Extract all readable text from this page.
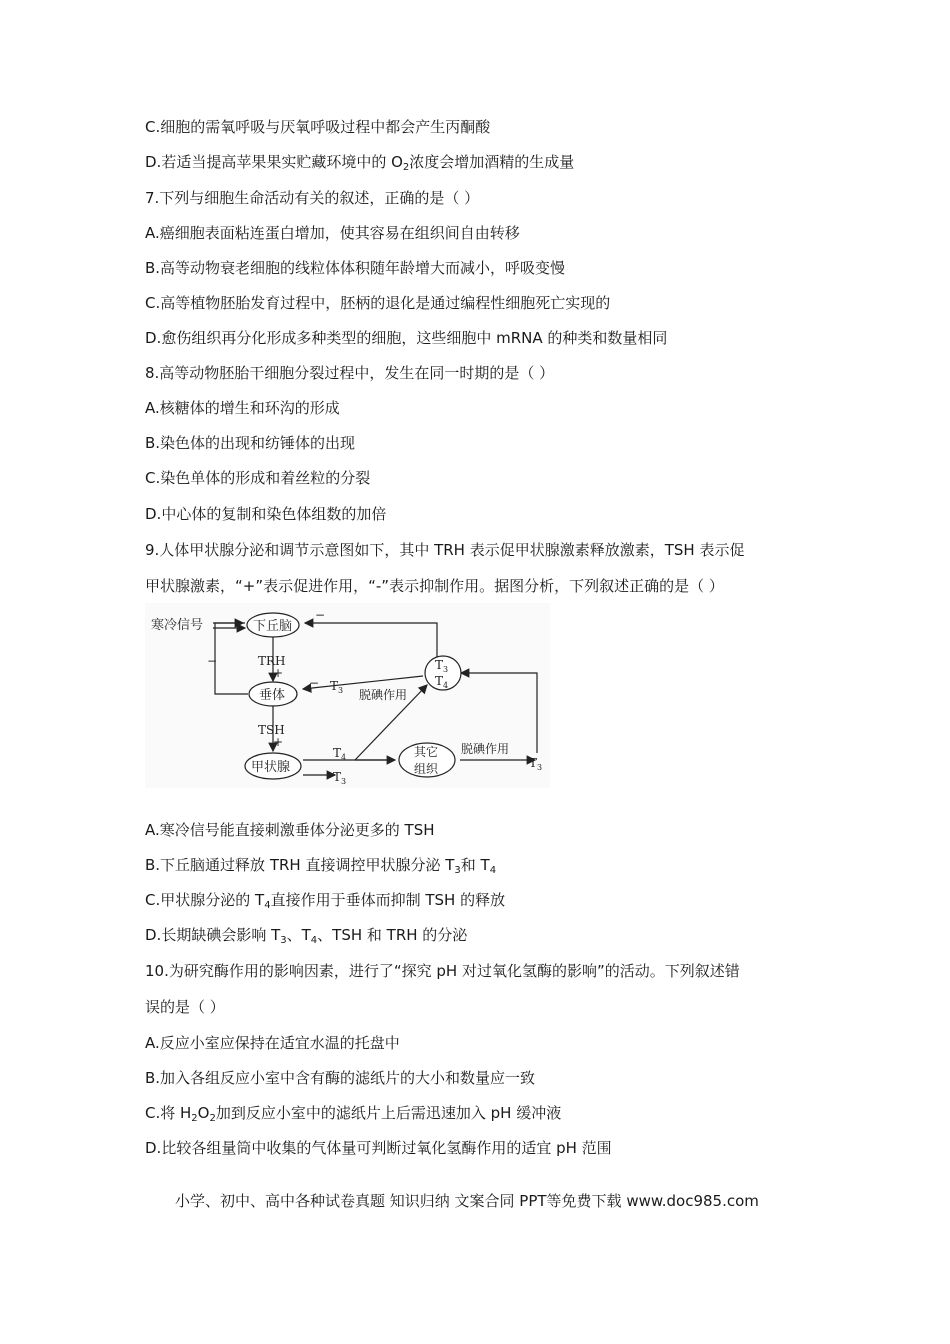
C.细胞的需氧呼吸与厌氧呼吸过程中都会产生丙酮酸
D.若适当提高苹果果实贮藏环境中的 $O_2$浓度会增加酒精的生成量
7.下列与细胞生命活动有关的叙述，正确的是（ ）
A.癌细胞表面粘连蛋白增加，使其容易在组织间自由转移
B.高等动物衰老细胞的线粒体体积随年龄增大而减小，呼吸变慢
C.高等植物胚胎发育过程中，胚柄的退化是通过编程性细胞死亡实现的
D.愈伤组织再分化形成多种类型的细胞，这些细胞中 mRNA 的种类和数量相同
8.高等动物胚胎干细胞分裂过程中，发生在同一时期的是（ ）
A.核糖体的增生和环沟的形成
B.染色体的出现和纺锤体的出现
C.染色单体的形成和着丝粒的分裂
D.中心体的复制和染色体组数的加倍
9.人体甲状腺分泌和调节示意图如下，其中 TRH 表示促甲状腺激素释放激素，TSH 表示促
甲状腺激素，“+”表示促进作用，“-”表示抑制作用。据图分析，下列叙述正确的是（ ）
寒冷信号	下丘脑
垂体
甲状腺
其它
组织
TRH
+
TSH
+
−
−
−
$T_3$
$T_4$
$T_3$ 脱碘作用
$T_4$
$T_3$
脱碘作用
$T_3$
A.寒冷信号能直接刺激垂体分泌更多的 TSH
B.下丘脑通过释放 TRH 直接调控甲状腺分泌 $T_3$和 $T_4$
C.甲状腺分泌的 $T_4$直接作用于垂体而抑制 TSH 的释放
D.长期缺碘会影响 $T_3$、$T_4$、TSH 和 TRH 的分泌
10.为研究酶作用的影响因素，进行了“探究 pH 对过氧化氢酶的影响”的活动。下列叙述错
误的是（ ）
A.反应小室应保持在适宜水温的托盘中
B.加入各组反应小室中含有酶的滤纸片的大小和数量应一致
C.将 $H_2O_2$加到反应小室中的滤纸片上后需迅速加入 pH 缓冲液
D.比较各组量筒中收集的气体量可判断过氧化氢酶作用的适宜 pH 范围
小学、初中、高中各种试卷真题 知识归纳 文案合同 PPT等免费下载 www.doc985.com
